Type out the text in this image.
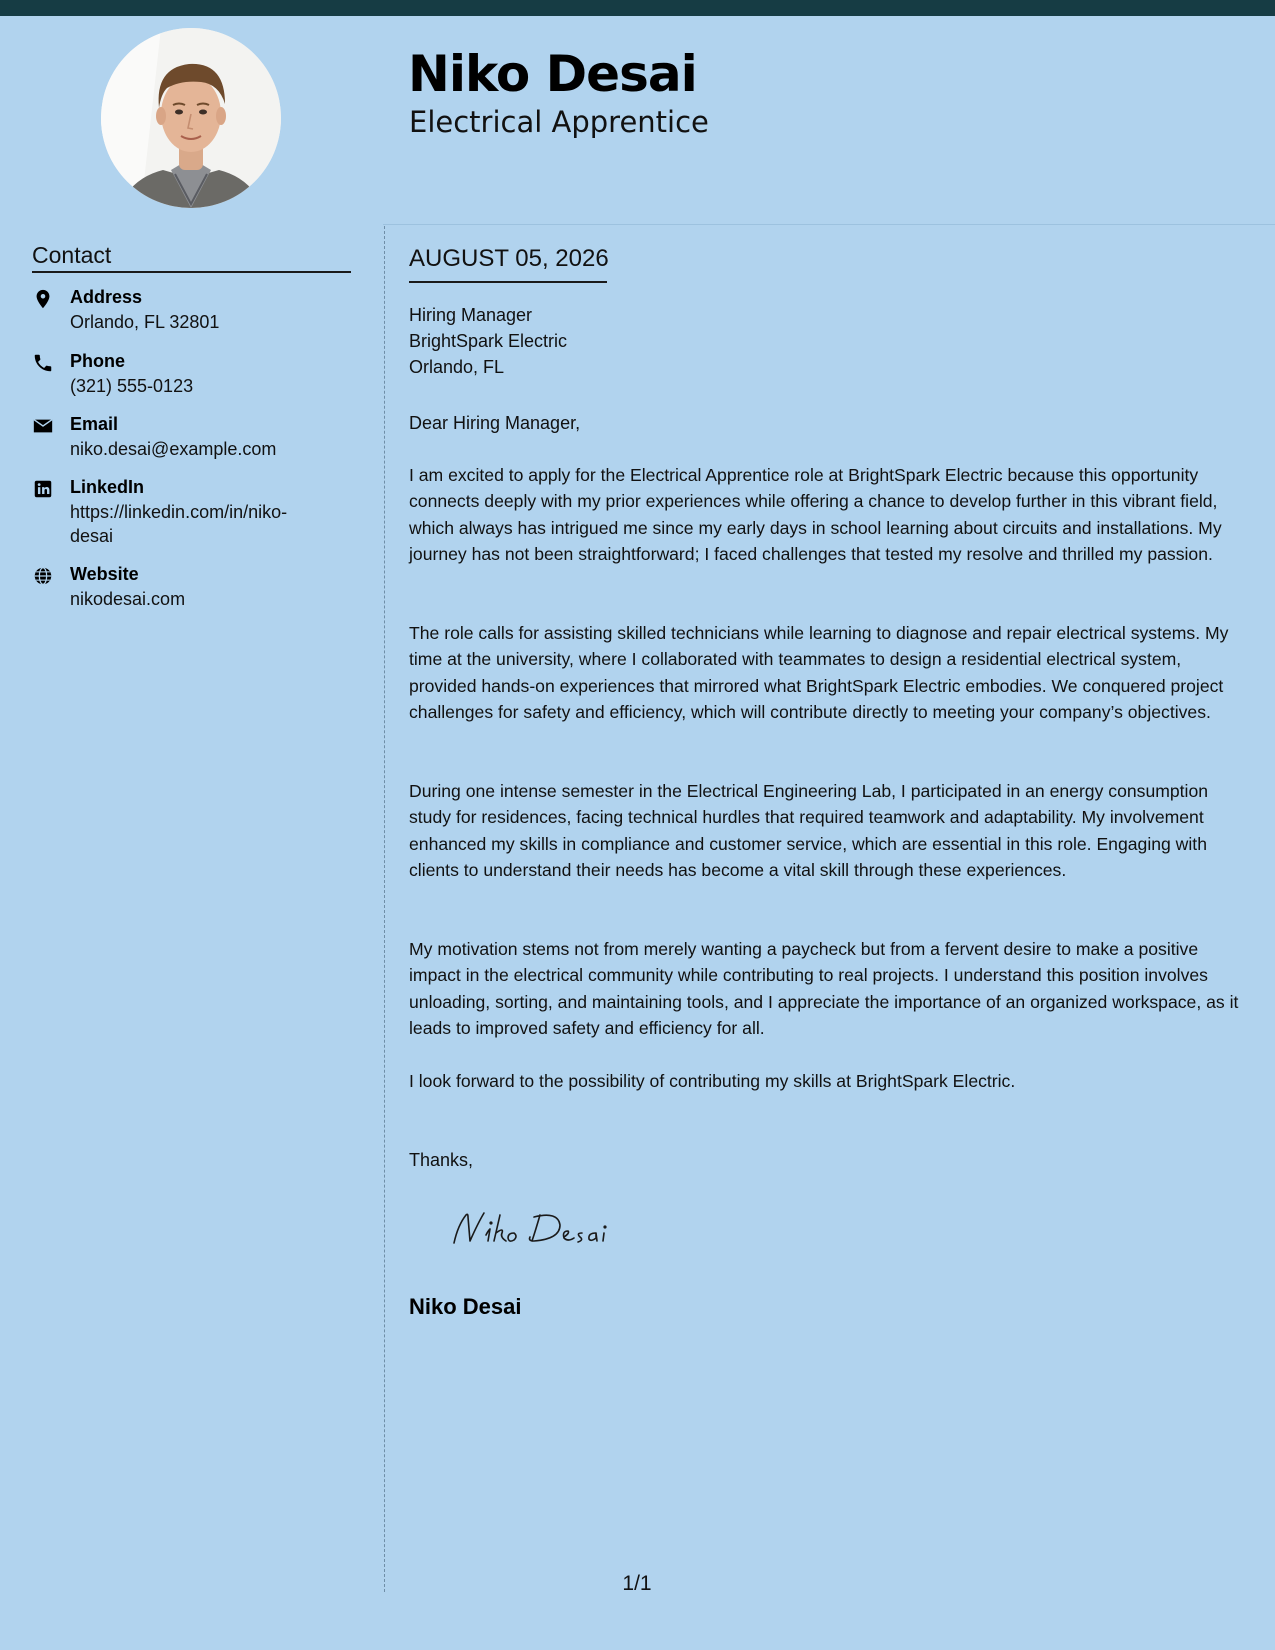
Niko Desai
Electrical Apprentice
Contact
Address
Orlando, FL 32801
Phone
(321) 555-0123
Email
niko.desai@example.com
LinkedIn
https://linkedin.com/in/niko-desai
Website
nikodesai.com
AUGUST 05, 2026
Hiring Manager
BrightSpark Electric
Orlando, FL
Dear Hiring Manager,

I am excited to apply for the Electrical Apprentice role at BrightSpark Electric because this opportunity connects deeply with my prior experiences while offering a chance to develop further in this vibrant field, which always has intrigued me since my early days in school learning about circuits and installations. My journey has not been straightforward; I faced challenges that tested my resolve and thrilled my passion.

The role calls for assisting skilled technicians while learning to diagnose and repair electrical systems. My time at the university, where I collaborated with teammates to design a residential electrical system, provided hands-on experiences that mirrored what BrightSpark Electric embodies. We conquered project challenges for safety and efficiency, which will contribute directly to meeting your company’s objectives.

During one intense semester in the Electrical Engineering Lab, I participated in an energy consumption study for residences, facing technical hurdles that required teamwork and adaptability. My involvement enhanced my skills in compliance and customer service, which are essential in this role. Engaging with clients to understand their needs has become a vital skill through these experiences.

My motivation stems not from merely wanting a paycheck but from a fervent desire to make a positive impact in the electrical community while contributing to real projects. I understand this position involves unloading, sorting, and maintaining tools, and I appreciate the importance of an organized workspace, as it leads to improved safety and efficiency for all.

I look forward to the possibility of contributing my skills at BrightSpark Electric.

Thanks,
Niko Desai
1/1
